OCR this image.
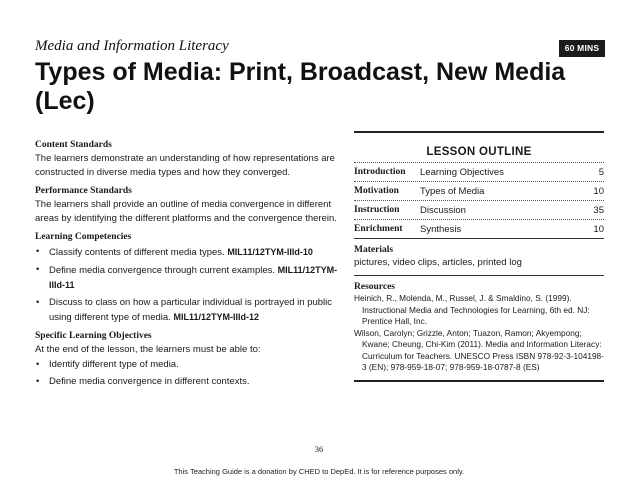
Media and Information Literacy	60 MINS
Types of Media: Print, Broadcast, New Media (Lec)
Content Standards

The learners demonstrate an understanding of how representations are constructed in diverse media types and how they converged.

Performance Standards

The learners shall provide an outline of media convergence in different areas by identifying the different platforms and the convergence therein.

Learning Competencies
• Classify contents of different media types. MIL11/12TYM-IIId-10
• Define media convergence through current examples. MIL11/12TYM-IIId-11
• Discuss to class on how a particular individual is portrayed in public using different type of media. MIL11/12TYM-IIId-12
Specific Learning Objectives

At the end of the lesson, the learners must be able to:

• Identify different type of media.
• Define media convergence in different contexts.
LESSON OUTLINE
Introduction	Learning Objectives	5
Motivation	Types of Media	10
Instruction	Discussion	35
Enrichment	Synthesis	10
Materials
pictures, video clips, articles, printed log
Resources
Heinich, R., Molenda, M., Russel, J. & Smaldino, S. (1999). Instructional Media and Technologies for Learning, 6th ed. NJ: Prentice Hall, Inc.
Wilson, Carolyn; Grizzle, Anton; Tuazon, Ramon; Akyempong; Kwane; Cheung, Chi-Kim (2011). Media and Information Literacy: Curriculum for Teachers. UNESCO Press ISBN 978-92-3-104198-3 (EN); 978-959-18-07; 978-959-18-0787-8 (ES)
36
This Teaching Guide is a donation by CHED to DepEd. It is for reference purposes only.
